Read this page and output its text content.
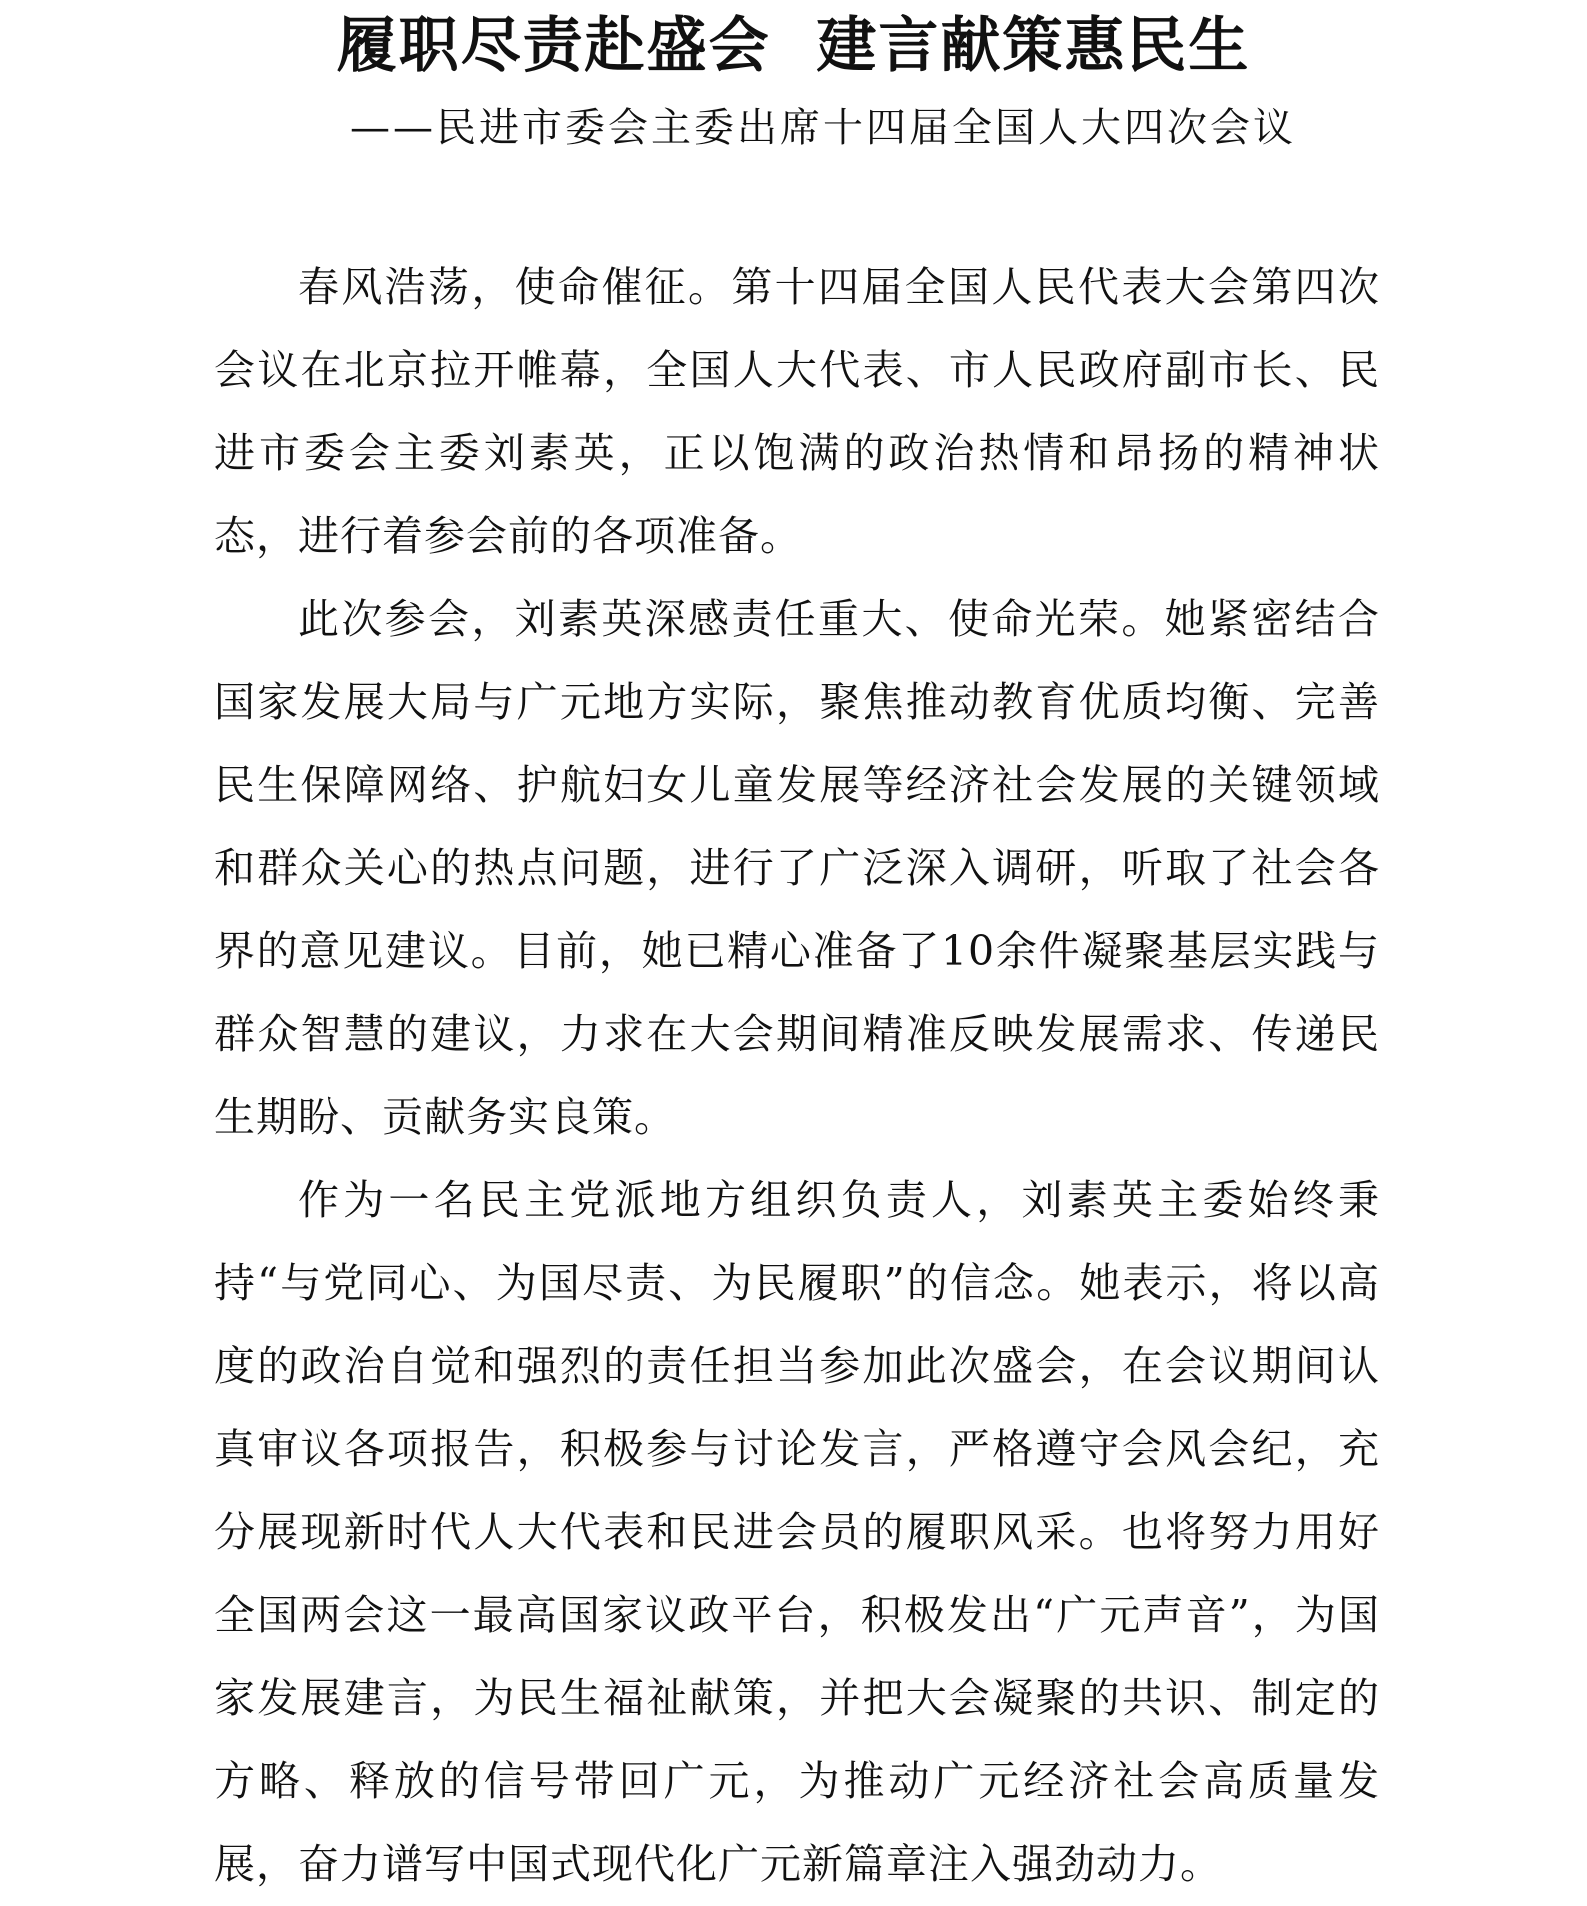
履职尽责赴盛会  建言献策惠民生
——民进市委会主委出席十四届全国人大四次会议

春风浩荡，使命催征。第十四届全国人民代表大会第四次会议在北京拉开帷幕，全国人大代表、市人民政府副市长、民进市委会主委刘素英，正以饱满的政治热情和昂扬的精神状态，进行着参会前的各项准备。

此次参会，刘素英深感责任重大、使命光荣。她紧密结合国家发展大局与广元地方实际，聚焦推动教育优质均衡、完善民生保障网络、护航妇女儿童发展等经济社会发展的关键领域和群众关心的热点问题，进行了广泛深入调研，听取了社会各界的意见建议。目前，她已精心准备了10余件凝聚基层实践与群众智慧的建议，力求在大会期间精准反映发展需求、传递民生期盼、贡献务实良策。

作为一名民主党派地方组织负责人，刘素英主委始终秉持“与党同心、为国尽责、为民履职”的信念。她表示，将以高度的政治自觉和强烈的责任担当参加此次盛会，在会议期间认真审议各项报告，积极参与讨论发言，严格遵守会风会纪，充分展现新时代人大代表和民进会员的履职风采。也将努力用好全国两会这一最高国家议政平台，积极发出“广元声音”，为国家发展建言，为民生福祉献策，并把大会凝聚的共识、制定的方略、释放的信号带回广元，为推动广元经济社会高质量发展，奋力谱写中国式现代化广元新篇章注入强劲动力。
